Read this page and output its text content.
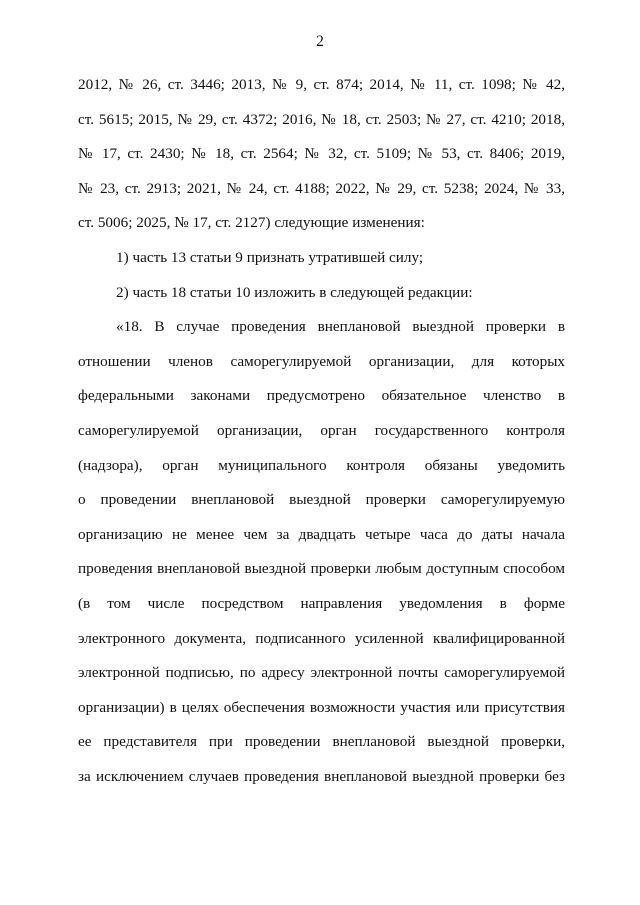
2
2012, № 26, ст. 3446; 2013, № 9, ст. 874; 2014, № 11, ст. 1098; № 42,
ст. 5615; 2015, № 29, ст. 4372; 2016, № 18, ст. 2503; № 27, ст. 4210; 2018,
№ 17, ст. 2430; № 18, ст. 2564; № 32, ст. 5109; № 53, ст. 8406; 2019,
№ 23, ст. 2913; 2021, № 24, ст. 4188; 2022, № 29, ст. 5238; 2024, № 33,
ст. 5006; 2025, № 17, ст. 2127) следующие изменения:
1) часть 13 статьи 9 признать утратившей силу;
2) часть 18 статьи 10 изложить в следующей редакции:
«18. В случае проведения внеплановой выездной проверки в
отношении членов саморегулируемой организации, для которых
федеральными законами предусмотрено обязательное членство в
саморегулируемой организации, орган государственного контроля
(надзора), орган муниципального контроля обязаны уведомить
о проведении внеплановой выездной проверки саморегулируемую
организацию не менее чем за двадцать четыре часа до даты начала
проведения внеплановой выездной проверки любым доступным способом
(в том числе посредством направления уведомления в форме
электронного документа, подписанного усиленной квалифицированной
электронной подписью, по адресу электронной почты саморегулируемой
организации) в целях обеспечения возможности участия или присутствия
ее представителя при проведении внеплановой выездной проверки,
за исключением случаев проведения внеплановой выездной проверки без
